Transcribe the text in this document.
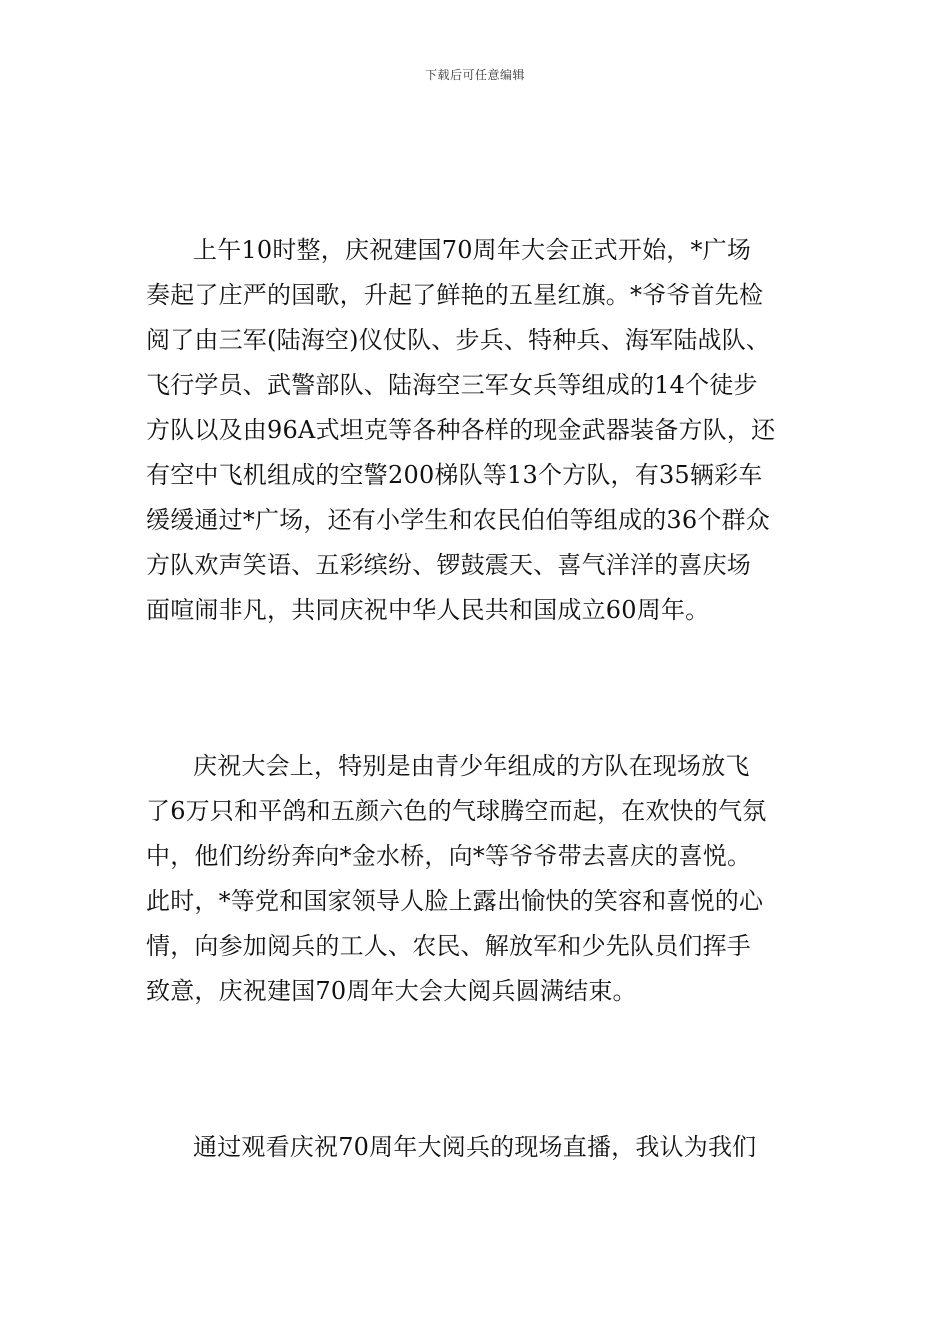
下载后可任意编辑
上午10时整，庆祝建国70周年大会正式开始，*广场
奏起了庄严的国歌，升起了鲜艳的五星红旗。*爷爷首先检
阅了由三军(陆海空)仪仗队、步兵、特种兵、海军陆战队、
飞行学员、武警部队、陆海空三军女兵等组成的14个徒步
方队以及由96A式坦克等各种各样的现金武器装备方队，还
有空中飞机组成的空警200梯队等13个方队，有35辆彩车
缓缓通过*广场，还有小学生和农民伯伯等组成的36个群众
方队欢声笑语、五彩缤纷、锣鼓震天、喜气洋洋的喜庆场
面喧闹非凡，共同庆祝中华人民共和国成立60周年。
庆祝大会上，特别是由青少年组成的方队在现场放飞
了6万只和平鸽和五颜六色的气球腾空而起，在欢快的气氛
中，他们纷纷奔向*金水桥，向*等爷爷带去喜庆的喜悦。
此时，*等党和国家领导人脸上露出愉快的笑容和喜悦的心
情，向参加阅兵的工人、农民、解放军和少先队员们挥手
致意，庆祝建国70周年大会大阅兵圆满结束。
通过观看庆祝70周年大阅兵的现场直播，我认为我们
